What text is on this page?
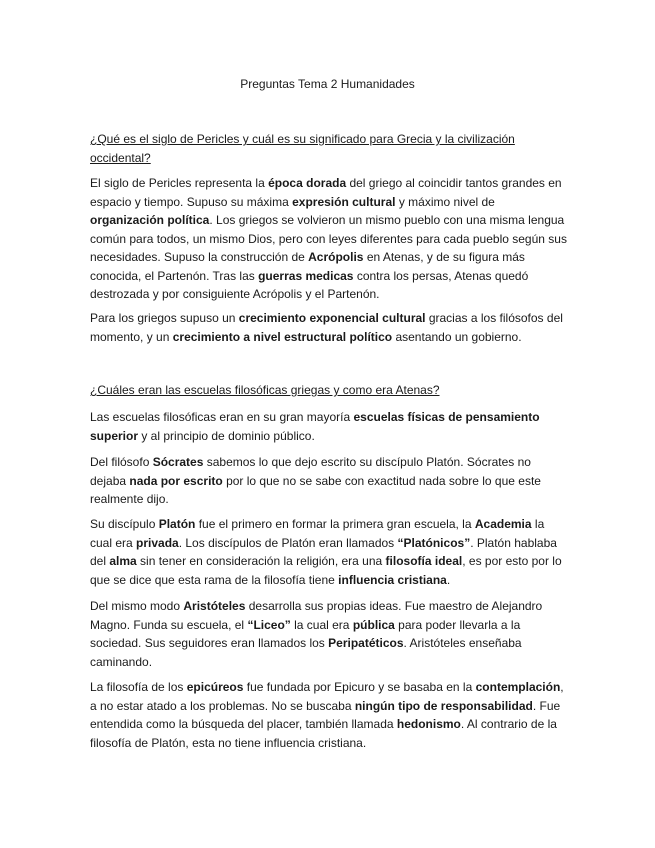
Preguntas Tema 2 Humanidades
¿Qué es el siglo de Pericles y cuál es su significado para Grecia y la civilización occidental?

El siglo de Pericles representa la época dorada del griego al coincidir tantos grandes en espacio y tiempo. Supuso su máxima expresión cultural y máximo nivel de organización política. Los griegos se volvieron un mismo pueblo con una misma lengua común para todos, un mismo Dios, pero con leyes diferentes para cada pueblo según sus necesidades. Supuso la construcción de Acrópolis en Atenas, y de su figura más conocida, el Partenón. Tras las guerras medicas contra los persas, Atenas quedó destrozada y por consiguiente Acrópolis y el Partenón.

Para los griegos supuso un crecimiento exponencial cultural gracias a los filósofos del momento, y un crecimiento a nivel estructural político asentando un gobierno.

¿Cuáles eran las escuelas filosóficas griegas y como era Atenas?

Las escuelas filosóficas eran en su gran mayoría escuelas físicas de pensamiento superior y al principio de dominio público.

Del filósofo Sócrates sabemos lo que dejo escrito su discípulo Platón. Sócrates no dejaba nada por escrito por lo que no se sabe con exactitud nada sobre lo que este realmente dijo.

Su discípulo Platón fue el primero en formar la primera gran escuela, la Academia la cual era privada. Los discípulos de Platón eran llamados “Platónicos”. Platón hablaba del alma sin tener en consideración la religión, era una filosofía ideal, es por esto por lo que se dice que esta rama de la filosofía tiene influencia cristiana.

Del mismo modo Aristóteles desarrolla sus propias ideas. Fue maestro de Alejandro Magno. Funda su escuela, el “Liceo” la cual era pública para poder llevarla a la sociedad. Sus seguidores eran llamados los Peripatéticos. Aristóteles enseñaba caminando.

La filosofía de los epicúreos fue fundada por Epicuro y se basaba en la contemplación, a no estar atado a los problemas. No se buscaba ningún tipo de responsabilidad. Fue entendida como la búsqueda del placer, también llamada hedonismo. Al contrario de la filosofía de Platón, esta no tiene influencia cristiana.
